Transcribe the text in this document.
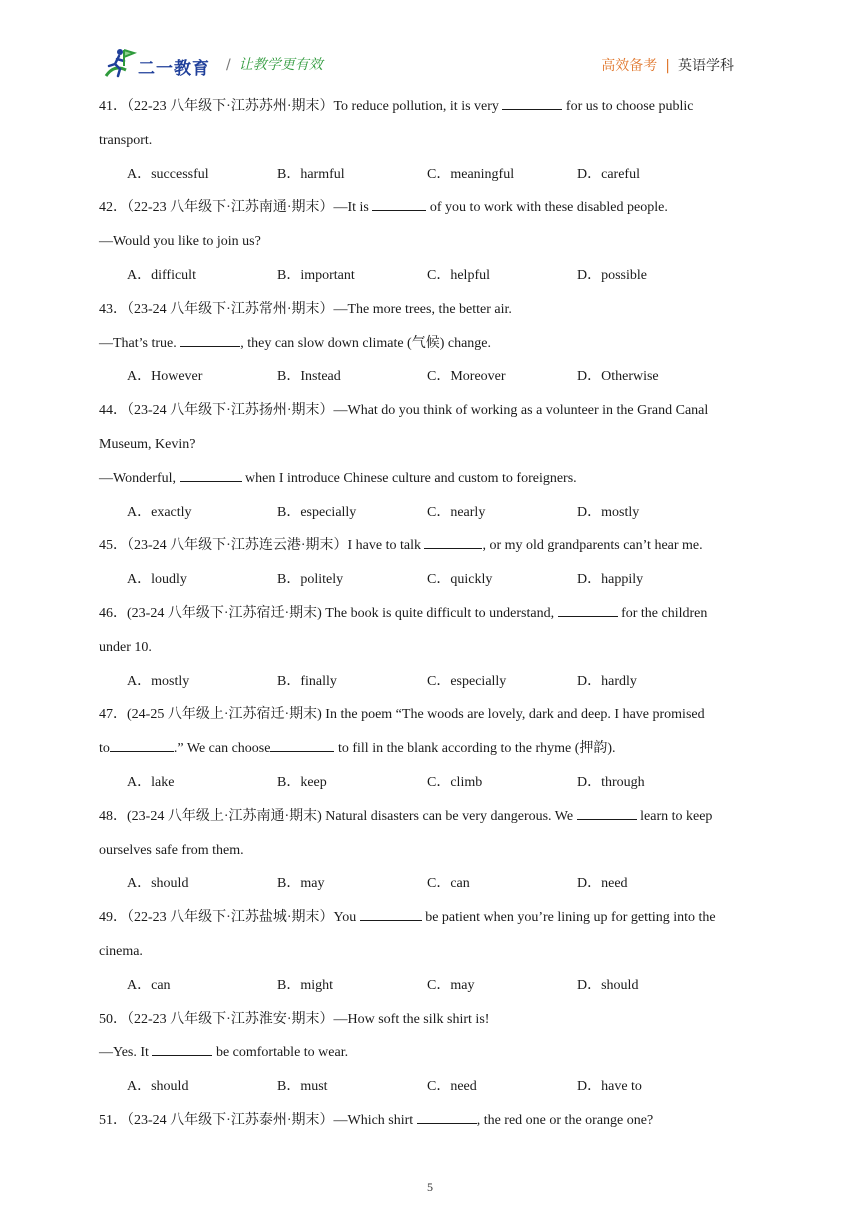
二一教育 / 让教学更有效	高效备考 | 英语学科
41．（22-23 八年级下·江苏苏州·期末）To reduce pollution, it is very	for us to choose public
transport.
A．successful	B．harmful	C．meaningful	D．careful
42．（22-23 八年级下·江苏南通·期末）—It is	of you to work with these disabled people.
—Would you like to join us?
A．difficult	B．important	C．helpful	D．possible
43．（23-24 八年级下·江苏常州·期末）—The more trees, the better air.
—That’s true.	, they can slow down climate (气候) change.
A．However	B．Instead	C．Moreover	D．Otherwise
44．（23-24 八年级下·江苏扬州·期末）—What do you think of working as a volunteer in the Grand Canal
Museum, Kevin?
—Wonderful,	when I introduce Chinese culture and custom to foreigners.
A．exactly	B．especially	C．nearly	D．mostly
45．（23-24 八年级下·江苏连云港·期末）I have to talk	, or my old grandparents can’t hear me.
A．loudly	B．politely	C．quickly	D．happily
46．(23-24 八年级下·江苏宿迁·期末) The book is quite difficult to understand,	for the children
under 10.
A．mostly	B．finally	C．especially	D．hardly
47．(24-25 八年级上·江苏宿迁·期末) In the poem “The woods are lovely, dark and deep. I have promised
to	.” We can choose	to fill in the blank according to the rhyme (押韵).
A．lake	B．keep	C．climb	D．through
48．(23-24 八年级上·江苏南通·期末) Natural disasters can be very dangerous. We	learn to keep
ourselves safe from them.
A．should	B．may	C．can	D．need
49．（22-23 八年级下·江苏盐城·期末）You	be patient when you’re lining up for getting into the
cinema.
A．can	B．might	C．may	D．should
50．（22-23 八年级下·江苏淮安·期末）—How soft the silk shirt is!
—Yes. It	be comfortable to wear.
A．should	B．must	C．need	D．have to
51．（23-24 八年级下·江苏泰州·期末）—Which shirt	, the red one or the orange one?
5
